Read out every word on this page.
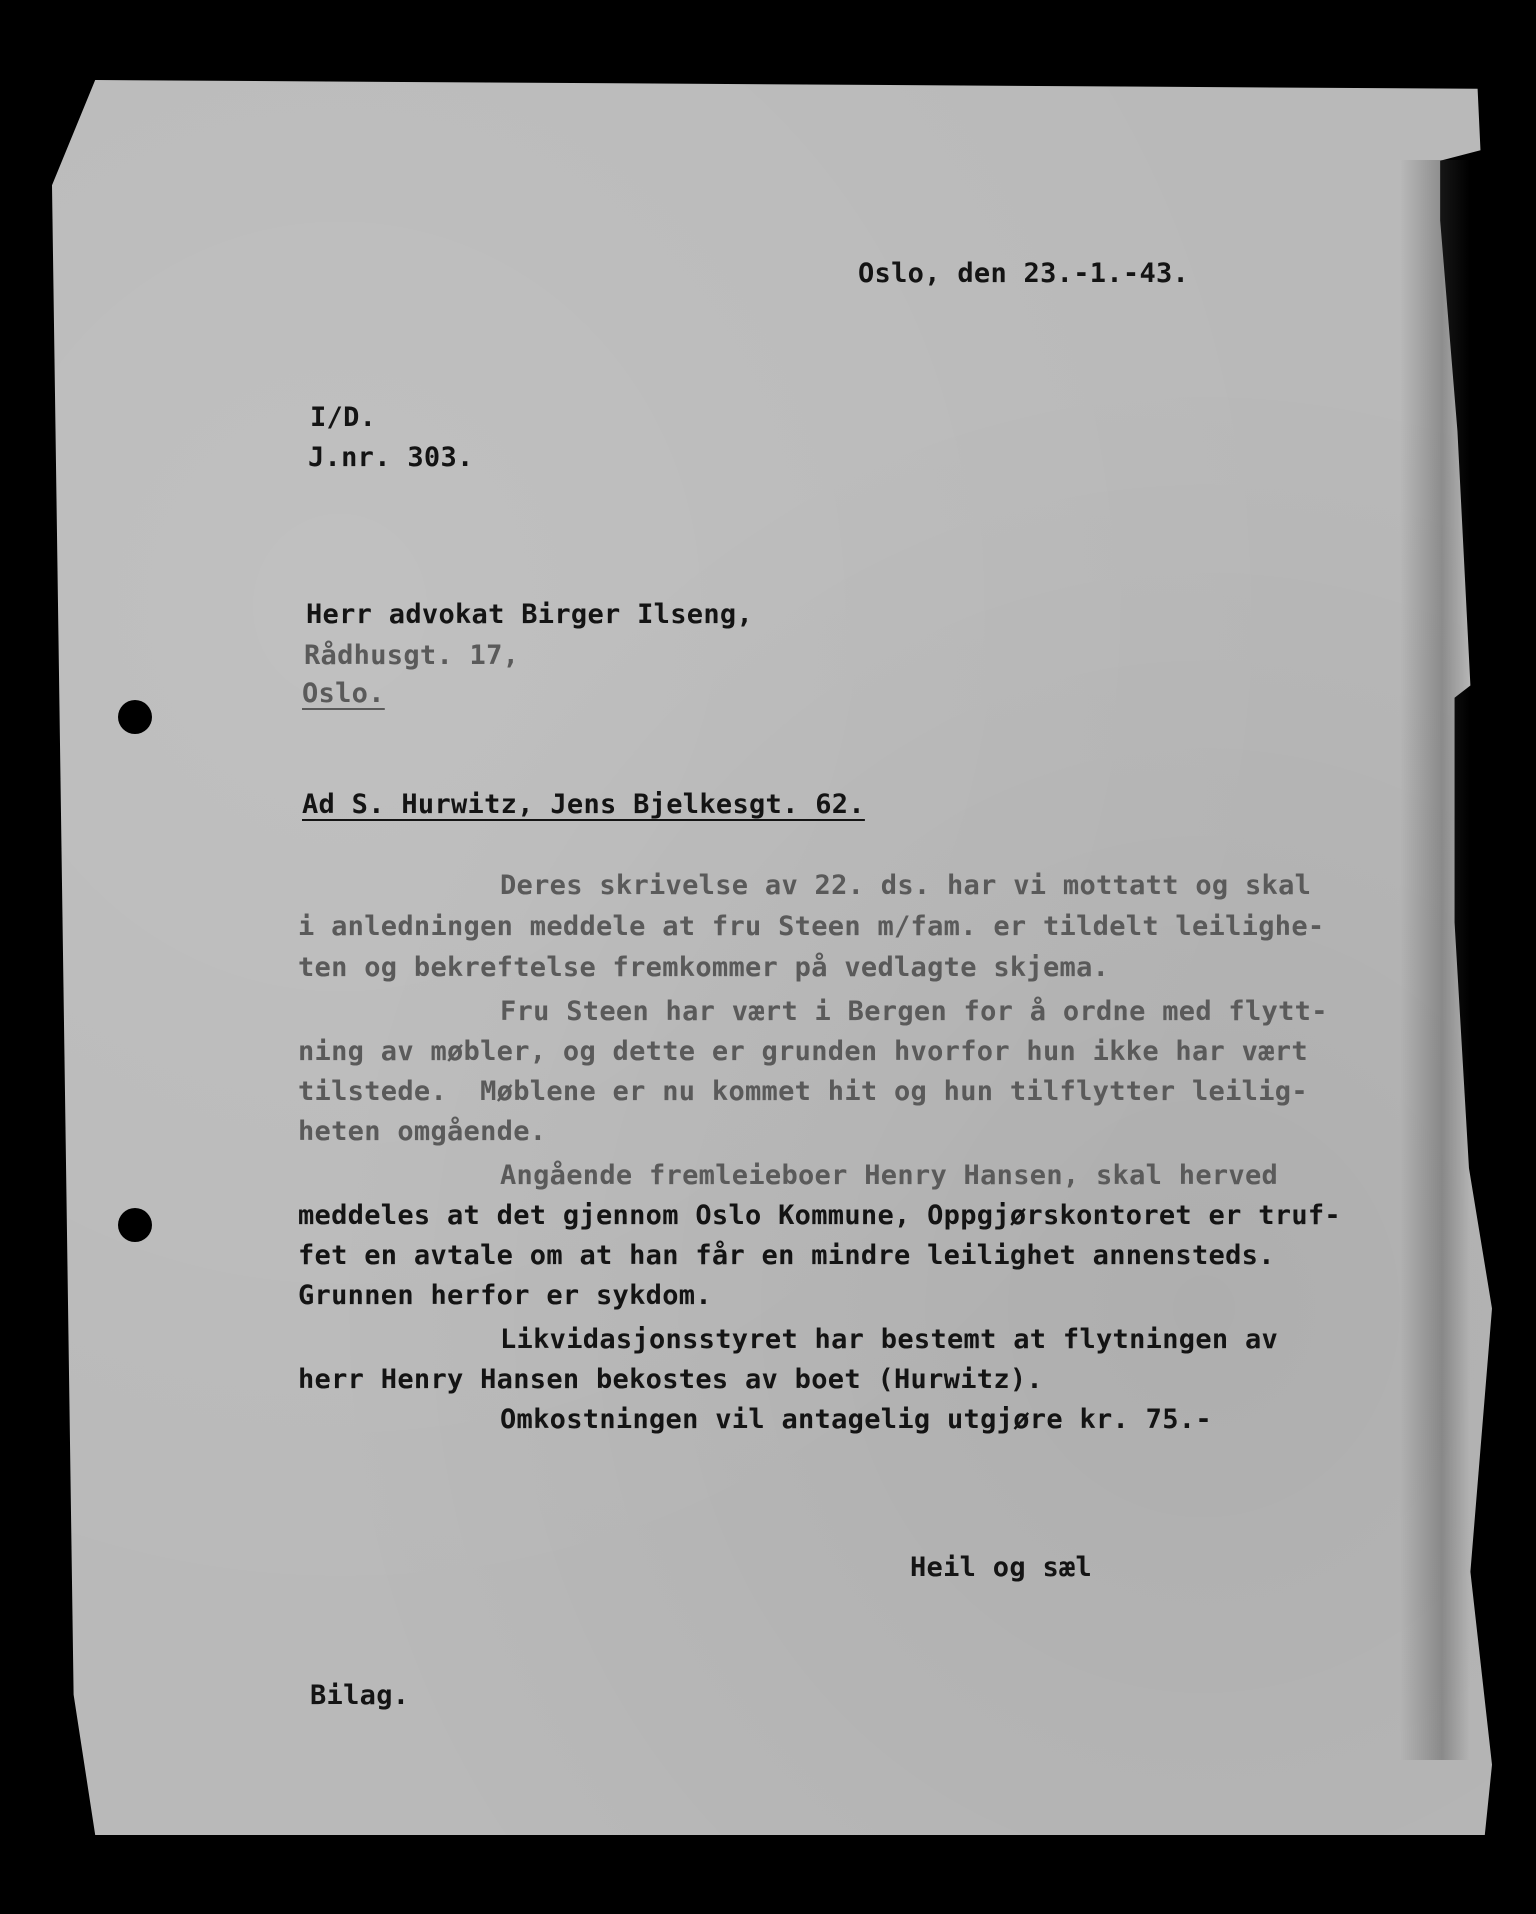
Oslo, den 23.-1.-43.

I/D.

J.nr. 303.

Herr advokat Birger Ilseng,

Rådhusgt. 17,

Oslo.

Ad S. Hurwitz, Jens Bjelkesgt. 62.

Deres skrivelse av 22. ds. har vi mottatt og skal

i anledningen meddele at fru Steen m/fam. er tildelt leilighe-

ten og bekreftelse fremkommer på vedlagte skjema.

Fru Steen har vært i Bergen for å ordne med flytt-

ning av møbler, og dette er grunden hvorfor hun ikke har vært

tilstede.  Møblene er nu kommet hit og hun tilflytter leilig-

heten omgående.

Angående fremleieboer Henry Hansen, skal herved

meddeles at det gjennom Oslo Kommune, Oppgjørskontoret er truf-

fet en avtale om at han får en mindre leilighet annensteds.

Grunnen herfor er sykdom.

Likvidasjonsstyret har bestemt at flytningen av

herr Henry Hansen bekostes av boet (Hurwitz).

Omkostningen vil antagelig utgjøre kr. 75.-

Heil og sæl

Bilag.
